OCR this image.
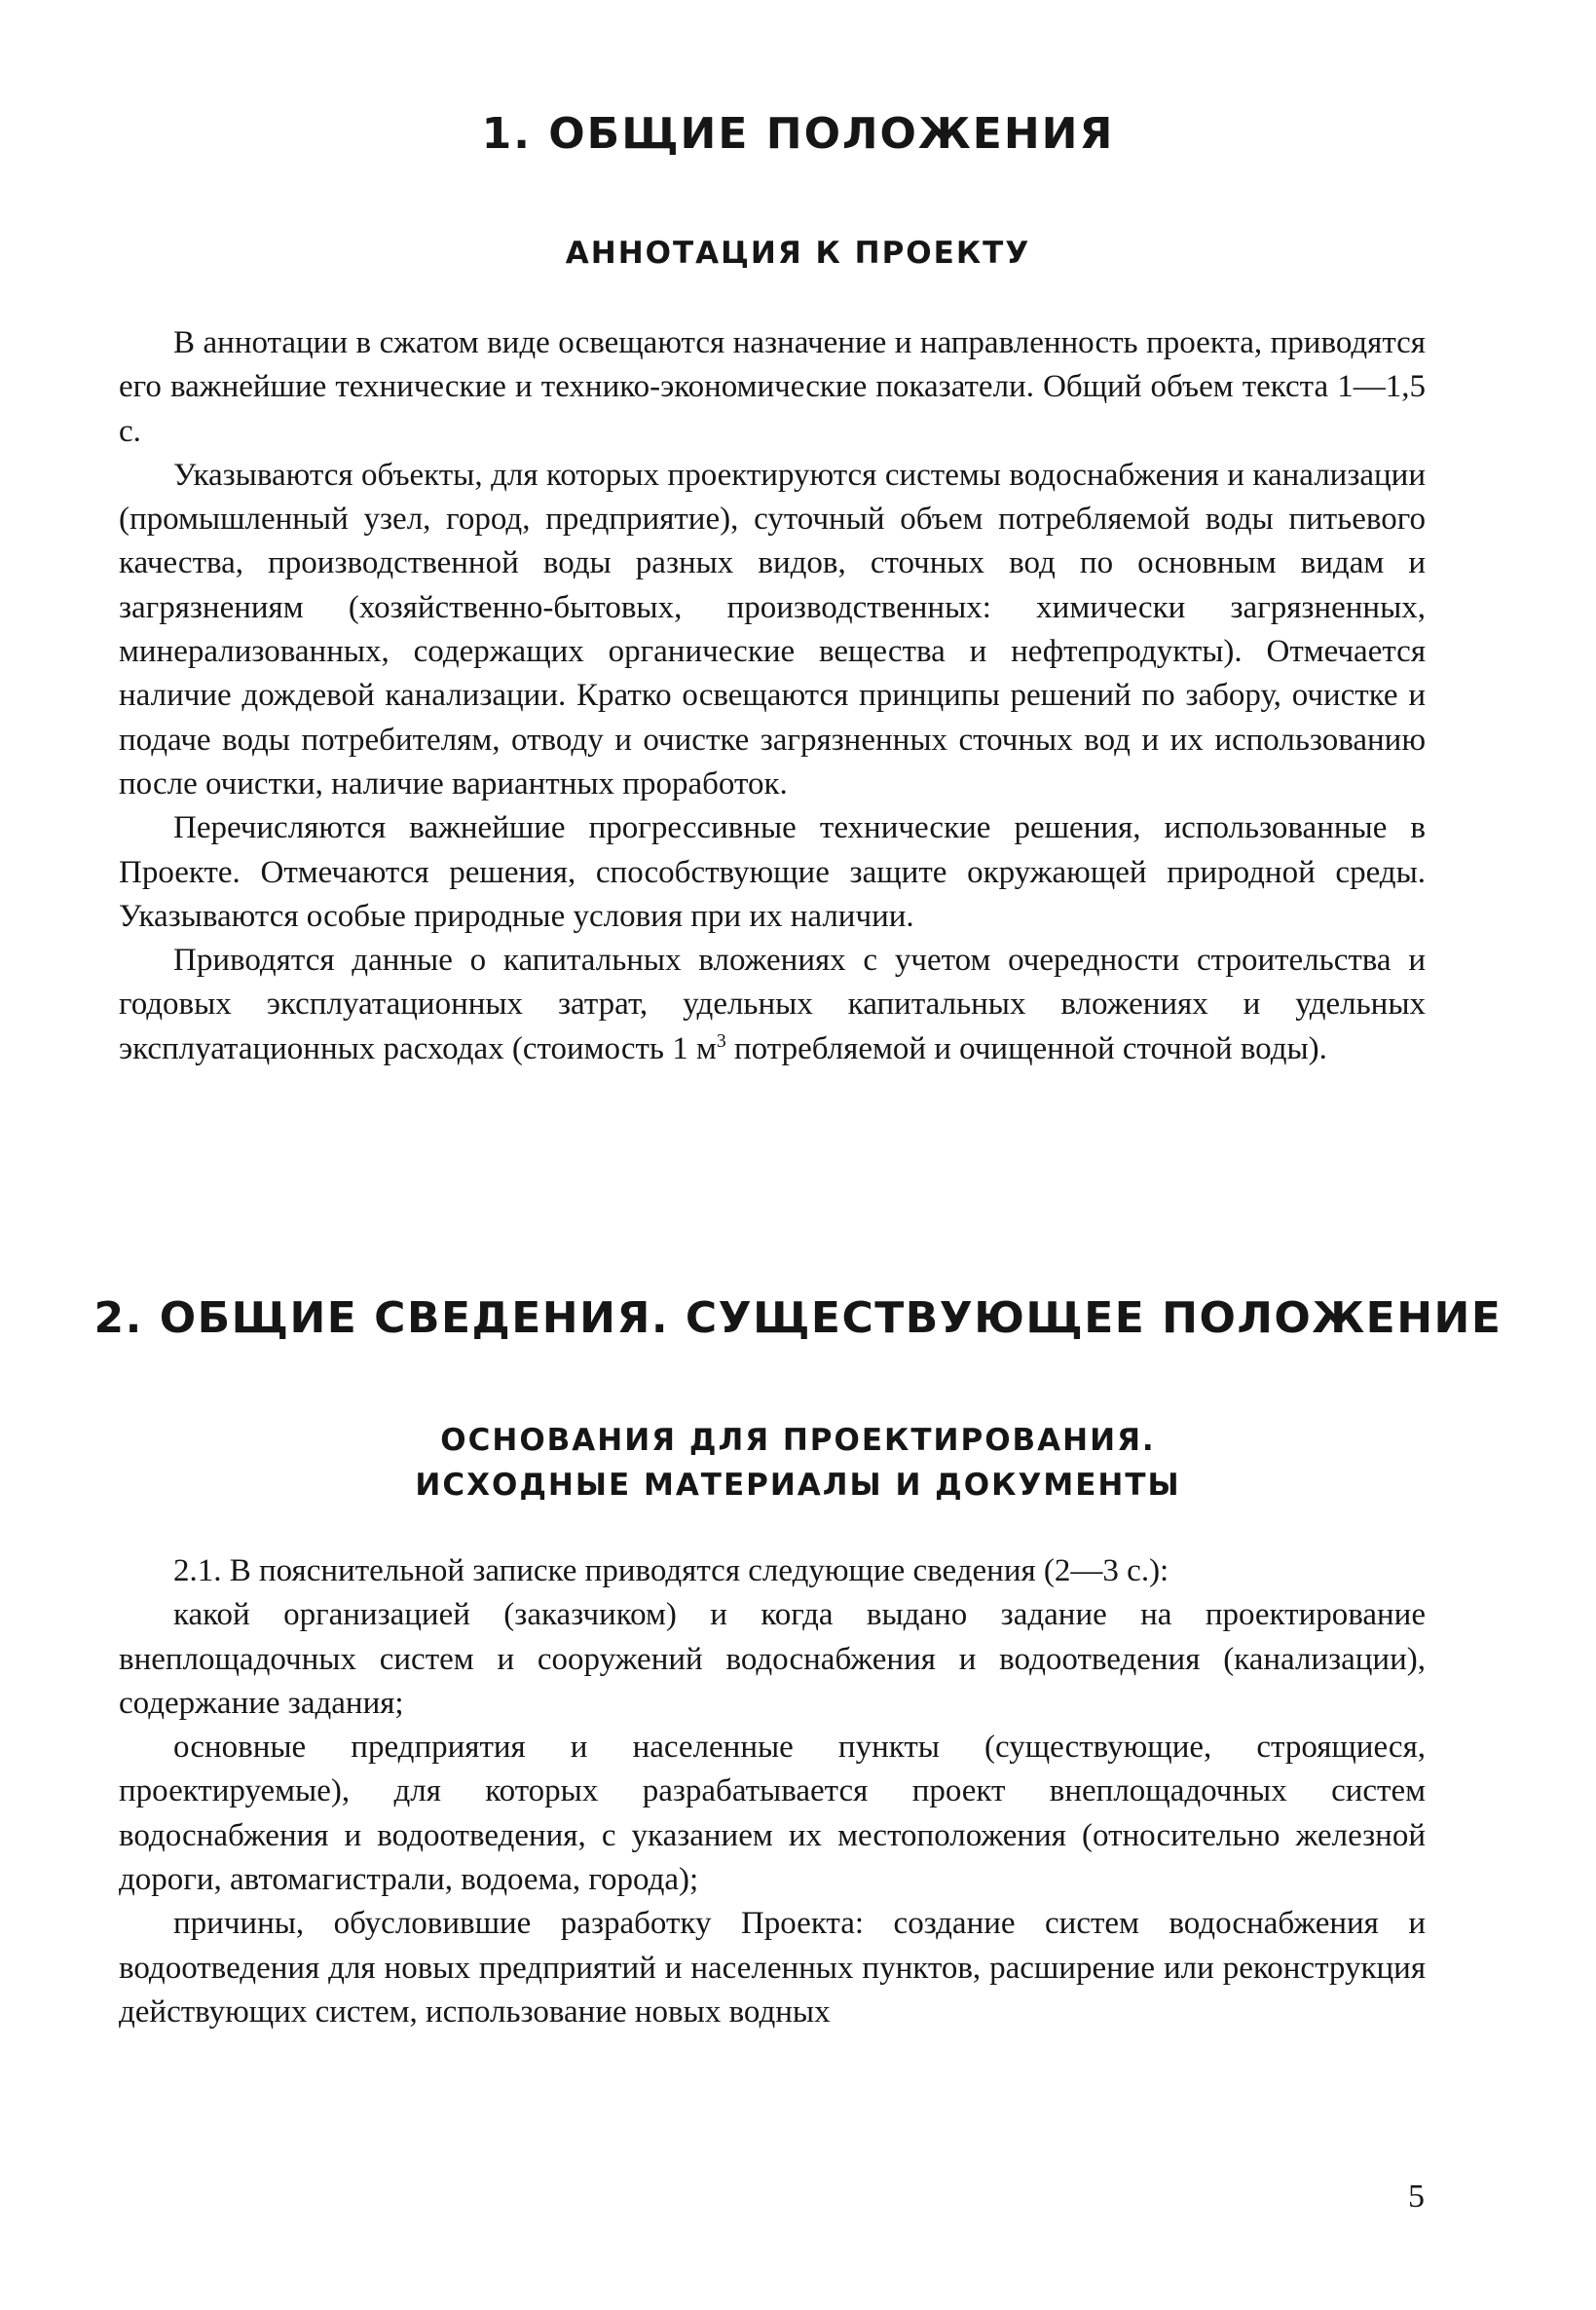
1. ОБЩИЕ ПОЛОЖЕНИЯ
АННОТАЦИЯ К ПРОЕКТУ

В аннотации в сжатом виде освещаются назначение и направленность проекта, приводятся его важнейшие технические и технико-экономические показатели. Общий объем текста 1—1,5 с.

Указываются объекты, для которых проектируются системы водоснабжения и канализации (промышленный узел, город, предприятие), суточный объем потребляемой воды питьевого качества, производственной воды разных видов, сточных вод по основным видам и загрязнениям (хозяйственно-бытовых, производственных: химически загрязненных, минерализованных, содержащих органические вещества и нефтепродукты). Отмечается наличие дождевой канализации. Кратко освещаются принципы решений по забору, очистке и подаче воды потребителям, отводу и очистке загрязненных сточных вод и их использованию после очистки, наличие вариантных проработок.

Перечисляются важнейшие прогрессивные технические решения, использованные в Проекте. Отмечаются решения, способствующие защите окружающей природной среды. Указываются особые природные условия при их наличии.

Приводятся данные о капитальных вложениях с учетом очередности строительства и годовых эксплуатационных затрат, удельных капитальных вложениях и удельных эксплуатационных расходах (стоимость 1 $м^3$ потребляемой и очищенной сточной воды).

2. ОБЩИЕ СВЕДЕНИЯ. СУЩЕСТВУЮЩЕЕ ПОЛОЖЕНИЕ
ОСНОВАНИЯ ДЛЯ ПРОЕКТИРОВАНИЯ.
ИСХОДНЫЕ МАТЕРИАЛЫ И ДОКУМЕНТЫ

2.1. В пояснительной записке приводятся следующие сведения (2—3 с.):

какой организацией (заказчиком) и когда выдано задание на проектирование внеплощадочных систем и сооружений водоснабжения и водоотведения (канализации), содержание задания;

основные предприятия и населенные пункты (существующие, строящиеся, проектируемые), для которых разрабатывается проект внеплощадочных систем водоснабжения и водоотведения, с указанием их местоположения (относительно железной дороги, автомагистрали, водоема, города);

причины, обусловившие разработку Проекта: создание систем водоснабжения и водоотведения для новых предприятий и населенных пунктов, расширение или реконструкция действующих систем, использование новых водных

5
